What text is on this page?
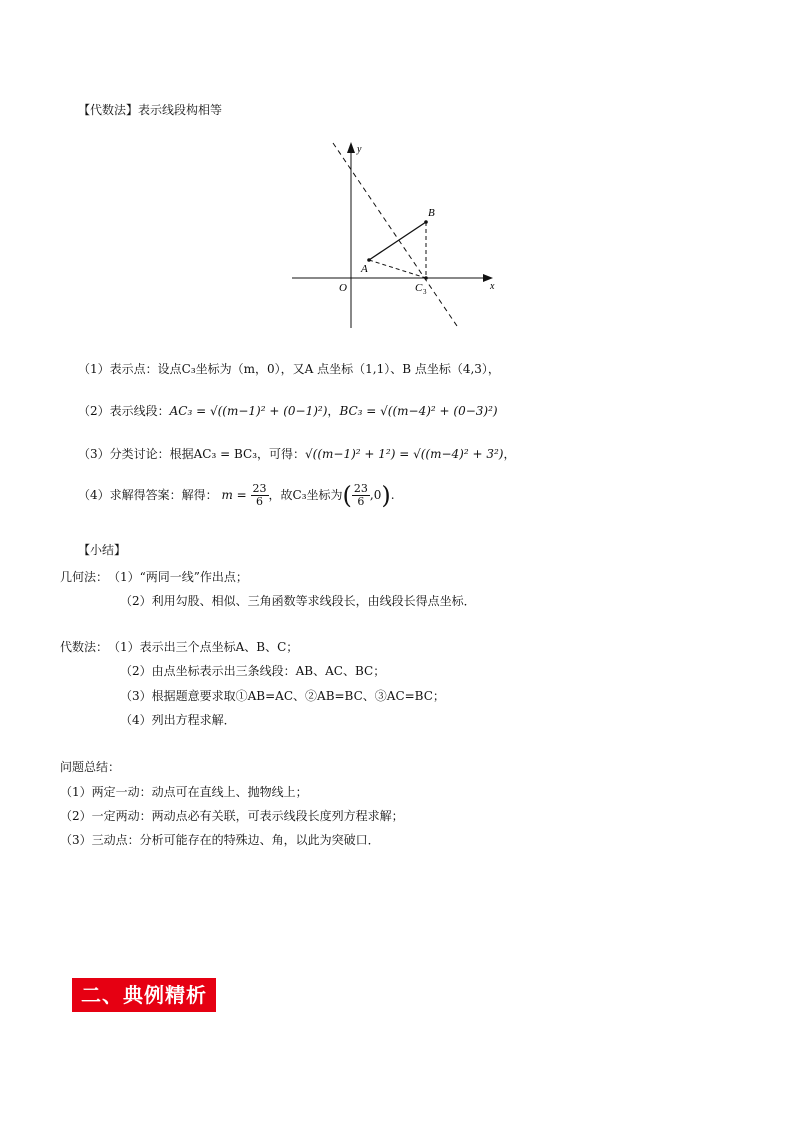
【代数法】表示线段构相等
y
x
O
A
B
C 3
（1）表示点：设点C₃坐标为（m，0），又A 点坐标（1,1）、B 点坐标（4,3），
（2）表示线段：AC₃ = √((m−1)² + (0−1)²)，BC₃ = √((m−4)² + (0−3)²)
（3）分类讨论：根据AC₃ = BC₃，可得：√((m−1)² + 1²) = √((m−4)² + 3²)，
（4）求解得答案：解得： $m = \frac{23}{6}$ ，故C₃坐标为( $\frac{23}{6} ,0$).
【小结】
几何法： （1）“两同一线”作出点；
（2）利用勾股、相似、三角函数等求线段长，由线段长得点坐标．
代数法： （1）表示出三个点坐标A、B、C；
（2）由点坐标表示出三条线段：AB、AC、BC；
（3）根据题意要求取①AB=AC、②AB=BC、③AC=BC；
（4）列出方程求解．
问题总结：
（1）两定一动：动点可在直线上、抛物线上；
（2）一定两动：两动点必有关联，可表示线段长度列方程求解；
（3）三动点：分析可能存在的特殊边、角，以此为突破口．
二、典例精析
